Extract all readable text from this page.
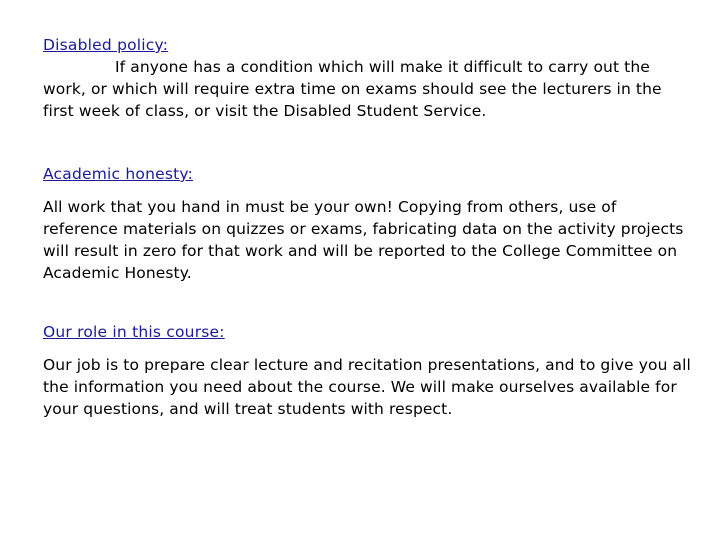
Disabled policy:

If anyone has a condition which will make it difficult to carry out the work, or which will require extra time on exams should see the lecturers in the first week of class, or visit the Disabled Student Service.

Academic honesty:

All work that you hand in must be your own! Copying from others, use of reference materials on quizzes or exams, fabricating data on the activity projects will result in zero for that work and will be reported to the College Committee on Academic Honesty.

Our role in this course:

Our job is to prepare clear lecture and recitation presentations, and to give you all the information you need about the course. We will make ourselves available for your questions, and will treat students with respect.
